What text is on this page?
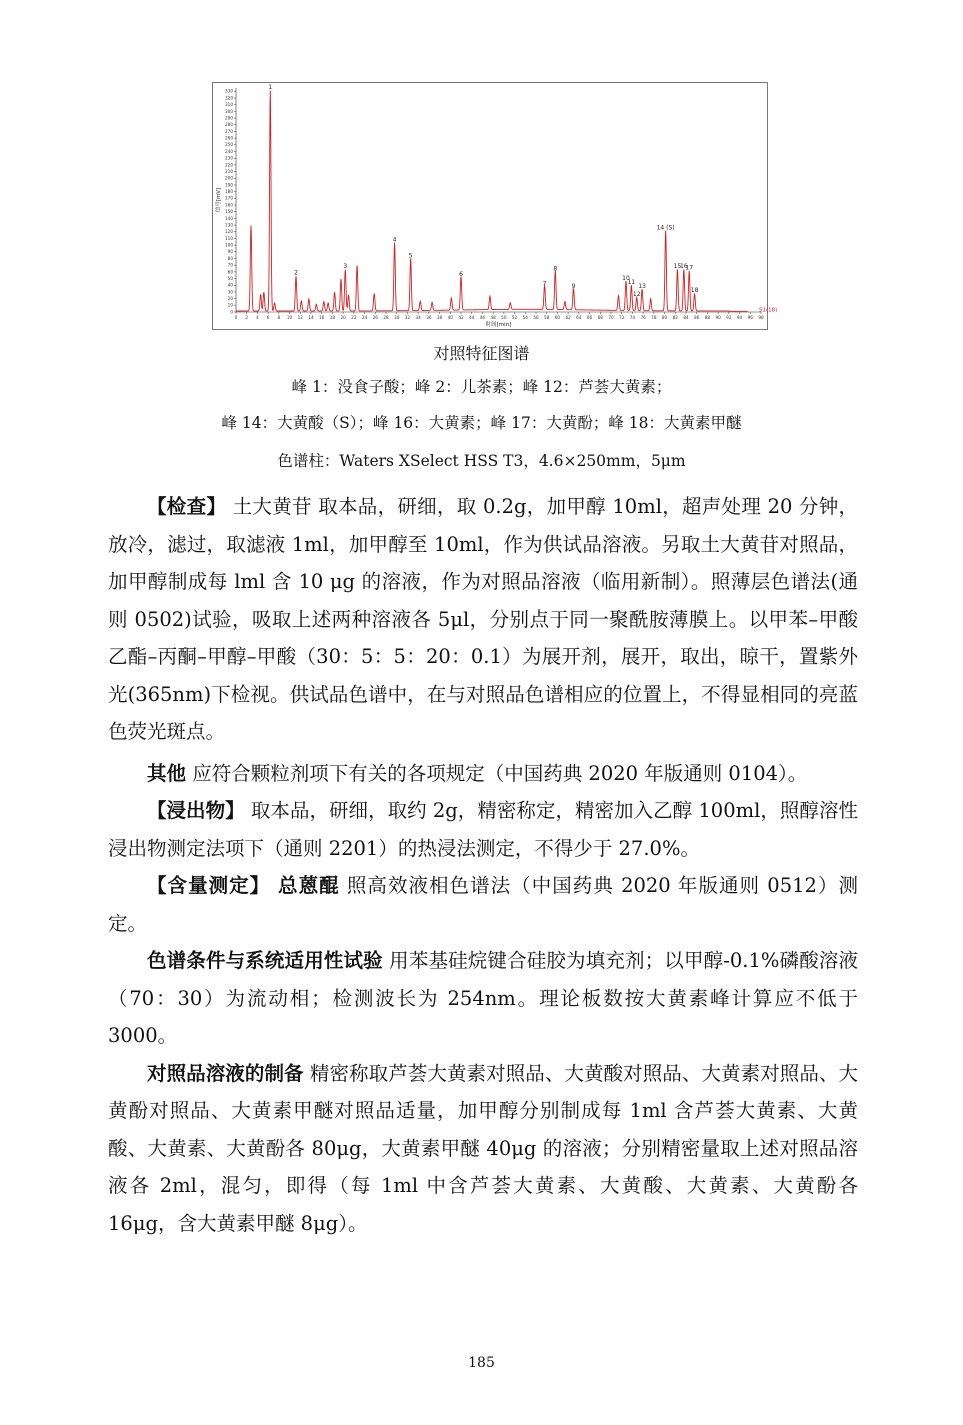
0
10
20
30
40
50
60
70
80
90
100
110
120
130
140
150
160
170
180
190
200
210
220
230
240
250
260
270
280
290
300
310
320
330
0 2 4 6 8 10 12 14 16 18 20 22 24 26 28 30 32 34 36 38 40 42 44 46 48 50 52 54 56 58 60 62 64 66 68 70 72 74 76 78 80 82 84 86 88 90 92 94 96 98
信号[mV]
时间[min]
1
2
3
4
5
6
7
8
9
10
11
12
13
14 (S)
15
16
17
18
S1(18)
对照特征图谱
峰 1：没食子酸；峰 2：儿茶素；峰 12：芦荟大黄素；
峰 14：大黄酸（S）；峰 16：大黄素；峰 17：大黄酚；峰 18：大黄素甲醚
色谱柱：Waters XSelect HSS T3，4.6×250mm，5μm

【检查】 土大黄苷 取本品，研细，取 0.2g，加甲醇 10ml，超声处理 20 分钟，放冷，滤过，取滤液 1ml，加甲醇至 10ml，作为供试品溶液。另取土大黄苷对照品，加甲醇制成每 lml 含 10 μg 的溶液，作为对照品溶液（临用新制）。照薄层色谱法(通则 0502)试验，吸取上述两种溶液各 5μl，分别点于同一聚酰胺薄膜上。以甲苯–甲酸乙酯–丙酮–甲醇–甲酸（30：5：5：20：0.1）为展开剂，展开，取出，晾干，置紫外光(365nm)下检视。供试品色谱中，在与对照品色谱相应的位置上，不得显相同的亮蓝色荧光斑点。

其他 应符合颗粒剂项下有关的各项规定（中国药典 2020 年版通则 0104）。

【浸出物】 取本品，研细，取约 2g，精密称定，精密加入乙醇 100ml，照醇溶性浸出物测定法项下（通则 2201）的热浸法测定，不得少于 27.0%。

【含量测定】 总蒽醌 照高效液相色谱法（中国药典 2020 年版通则 0512）测定。

色谱条件与系统适用性试验 用苯基硅烷键合硅胶为填充剂；以甲醇-0.1%磷酸溶液（70：30）为流动相；检测波长为 254nm。理论板数按大黄素峰计算应不低于 3000。

对照品溶液的制备 精密称取芦荟大黄素对照品、大黄酸对照品、大黄素对照品、大黄酚对照品、大黄素甲醚对照品适量，加甲醇分别制成每 1ml 含芦荟大黄素、大黄酸、大黄素、大黄酚各 80μg，大黄素甲醚 40μg 的溶液；分别精密量取上述对照品溶液各 2ml，混匀，即得（每 1ml 中含芦荟大黄素、大黄酸、大黄素、大黄酚各 16μg，含大黄素甲醚 8μg）。

185
